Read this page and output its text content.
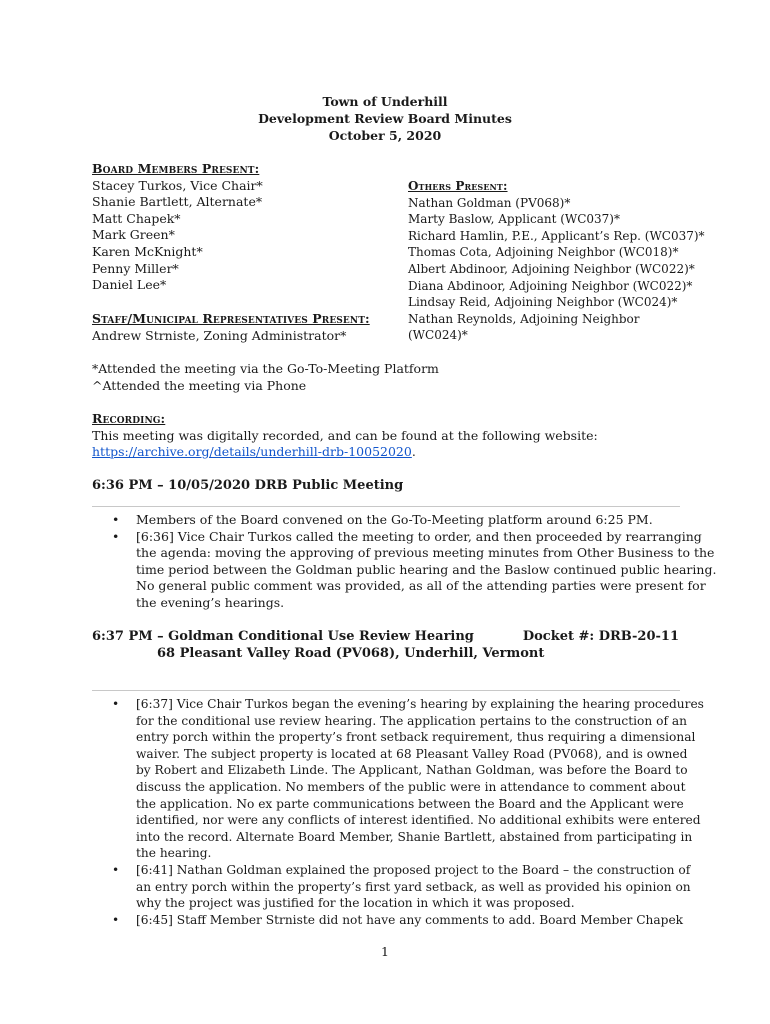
Town of Underhill
Development Review Board Minutes
October 5, 2020
Board Members Present:
Stacey Turkos, Vice Chair*
Shanie Bartlett, Alternate*
Matt Chapek*
Mark Green*
Karen McKnight*
Penny Miller*
Daniel Lee*
Others Present:
Nathan Goldman (PV068)*
Marty Baslow, Applicant (WC037)*
Richard Hamlin, P.E., Applicant’s Rep. (WC037)*
Thomas Cota, Adjoining Neighbor (WC018)*
Albert Abdinoor, Adjoining Neighbor (WC022)*
Diana Abdinoor, Adjoining Neighbor (WC022)*
Lindsay Reid, Adjoining Neighbor (WC024)*
Nathan Reynolds, Adjoining Neighbor
(WC024)*
Staff/Municipal Representatives Present:
Andrew Strniste, Zoning Administrator*
*Attended the meeting via the Go-To-Meeting Platform
^Attended the meeting via Phone
Recording:
This meeting was digitally recorded, and can be found at the following website:
https://archive.org/details/underhill-drb-10052020.
6:36 PM – 10/05/2020 DRB Public Meeting
• Members of the Board convened on the Go-To-Meeting platform around 6:25 PM.
• [6:36] Vice Chair Turkos called the meeting to order, and then proceeded by rearranging
the agenda: moving the approving of previous meeting minutes from Other Business to the
time period between the Goldman public hearing and the Baslow continued public hearing.
No general public comment was provided, as all of the attending parties were present for
the evening’s hearings.
6:37 PM – Goldman Conditional Use Review Hearing	Docket #: DRB-20-11
68 Pleasant Valley Road (PV068), Underhill, Vermont
• [6:37] Vice Chair Turkos began the evening’s hearing by explaining the hearing procedures
for the conditional use review hearing. The application pertains to the construction of an
entry porch within the property’s front setback requirement, thus requiring a dimensional
waiver. The subject property is located at 68 Pleasant Valley Road (PV068), and is owned
by Robert and Elizabeth Linde. The Applicant, Nathan Goldman, was before the Board to
discuss the application. No members of the public were in attendance to comment about
the application. No ex parte communications between the Board and the Applicant were
identified, nor were any conflicts of interest identified. No additional exhibits were entered
into the record. Alternate Board Member, Shanie Bartlett, abstained from participating in
the hearing.
• [6:41] Nathan Goldman explained the proposed project to the Board – the construction of
an entry porch within the property’s first yard setback, as well as provided his opinion on
why the project was justified for the location in which it was proposed.
• [6:45] Staff Member Strniste did not have any comments to add. Board Member Chapek
1
